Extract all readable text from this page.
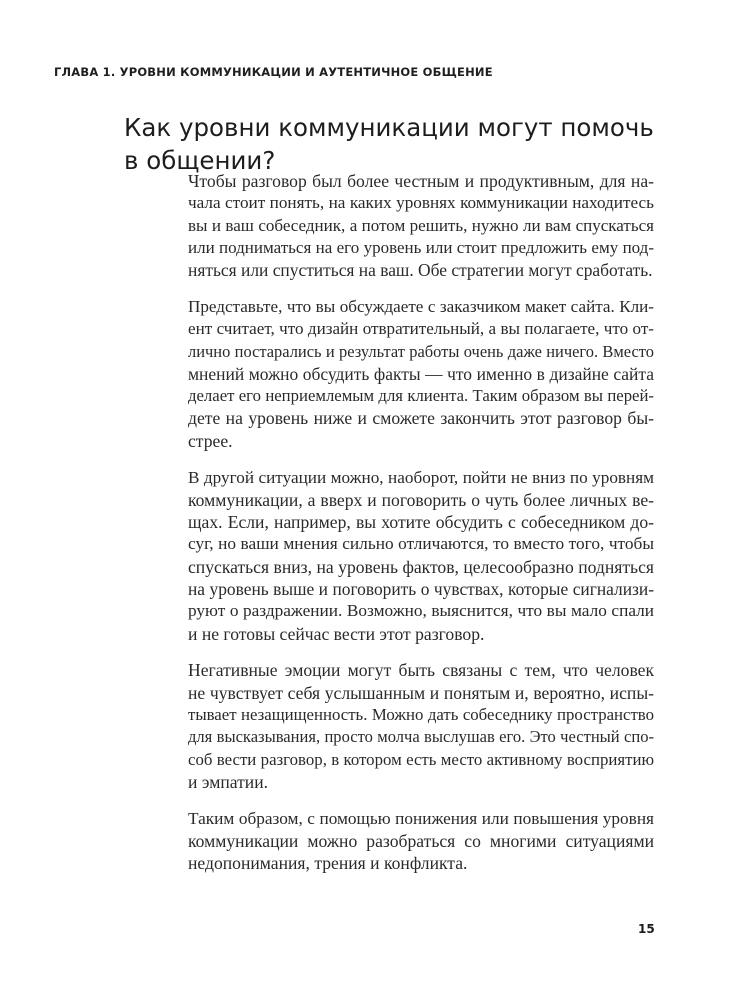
ГЛАВА 1. УРОВНИ КОММУНИКАЦИИ И АУТЕНТИЧНОЕ ОБЩЕНИЕ
Как уровни коммуникации могут помочь
в общении?

Чтобы разговор был более честным и продуктивным, для на-
чала стоит понять, на каких уровнях коммуникации находитесь
вы и ваш собеседник, а потом решить, нужно ли вам спускаться
или подниматься на его уровень или стоит предложить ему под-
няться или спуститься на ваш. Обе стратегии могут сработать.

Представьте, что вы обсуждаете с заказчиком макет сайта. Кли-
ент считает, что дизайн отвратительный, а вы полагаете, что от-
лично постарались и результат работы очень даже ничего. Вместо
мнений можно обсудить факты — что именно в дизайне сайта
делает его неприемлемым для клиента. Таким образом вы перей-
дете на уровень ниже и сможете закончить этот разговор бы-
стрее.

В другой ситуации можно, наоборот, пойти не вниз по уровням
коммуникации, а вверх и поговорить о чуть более личных ве-
щах. Если, например, вы хотите обсудить с собеседником до-
суг, но ваши мнения сильно отличаются, то вместо того, чтобы
спускаться вниз, на уровень фактов, целесообразно подняться
на уровень выше и поговорить о чувствах, которые сигнализи-
руют о раздражении. Возможно, выяснится, что вы мало спали
и не готовы сейчас вести этот разговор.

Негативные эмоции могут быть связаны с тем, что человек
не чувствует себя услышанным и понятым и, вероятно, испы-
тывает незащищенность. Можно дать собеседнику пространство
для высказывания, просто молча выслушав его. Это честный спо-
соб вести разговор, в котором есть место активному восприятию
и эмпатии.

Таким образом, с помощью понижения или повышения уровня
коммуникации можно разобраться со многими ситуациями
недопонимания, трения и конфликта.

15
